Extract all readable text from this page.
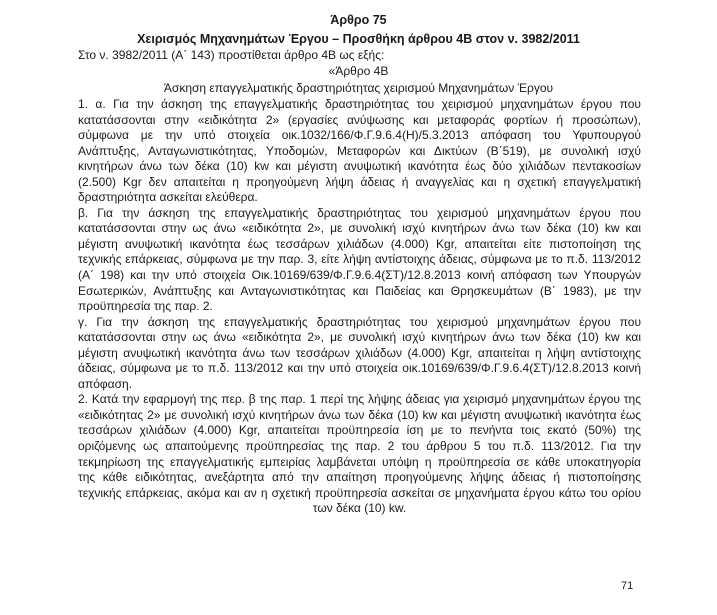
Άρθρο 75
Χειρισμός Μηχανημάτων Έργου – Προσθήκη άρθρου 4Β στον ν. 3982/2011
Στο ν. 3982/2011 (Α΄ 143) προστίθεται άρθρο 4Β ως εξής:
«Άρθρο 4Β
Άσκηση επαγγελματικής δραστηριότητας χειρισμού Μηχανημάτων Έργου
1. α. Για την άσκηση της επαγγελματικής δραστηριότητας του χειρισμού μηχανημάτων έργου που
κατατάσσονται στην «ειδικότητα 2» (εργασίες ανύψωσης και μεταφοράς φορτίων ή προσώπων),
σύμφωνα με την υπό στοιχεία οικ.1032/166/Φ.Γ.9.6.4(Η)/5.3.2013 απόφαση του Υφυπουργού
Ανάπτυξης, Ανταγωνιστικότητας, Υποδομών, Μεταφορών και Δικτύων (Β΄519), με συνολική ισχύ
κινητήρων άνω των δέκα (10) kw και μέγιστη ανυψωτική ικανότητα έως δύο χιλιάδων πεντακοσίων
(2.500) Kgr δεν απαιτείται η προηγούμενη λήψη άδειας ή αναγγελίας και η σχετική επαγγελματική
δραστηριότητα ασκείται ελεύθερα.
β. Για την άσκηση της επαγγελματικής δραστηριότητας του χειρισμού μηχανημάτων έργου που
κατατάσσονται στην ως άνω «ειδικότητα 2», με συνολική ισχύ κινητήρων άνω των δέκα (10) kw και
μέγιστη ανυψωτική ικανότητα έως τεσσάρων χιλιάδων (4.000) Kgr, απαιτείται είτε πιστοποίηση της
τεχνικής επάρκειας, σύμφωνα με την παρ. 3, είτε λήψη αντίστοιχης άδειας, σύμφωνα με το π.δ. 113/2012
(Α΄ 198) και την υπό στοιχεία Οικ.10169/639/Φ.Γ.9.6.4(ΣΤ)/12.8.2013 κοινή απόφαση των Υπουργών
Εσωτερικών, Ανάπτυξης και Ανταγωνιστικότητας και Παιδείας και Θρησκευμάτων (Β΄ 1983), με την
προϋπηρεσία της παρ. 2.
γ. Για την άσκηση της επαγγελματικής δραστηριότητας του χειρισμού μηχανημάτων έργου που
κατατάσσονται στην ως άνω «ειδικότητα 2», με συνολική ισχύ κινητήρων άνω των δέκα (10) kw και
μέγιστη ανυψωτική ικανότητα άνω των τεσσάρων χιλιάδων (4.000) Kgr, απαιτείται η λήψη αντίστοιχης
άδειας, σύμφωνα με το π.δ. 113/2012 και την υπό στοιχεία οικ.10169/639/Φ.Γ.9.6.4(ΣΤ)/12.8.2013 κοινή
απόφαση.
2. Κατά την εφαρμογή της περ. β της παρ. 1 περί της λήψης άδειας για χειρισμό μηχανημάτων έργου της
«ειδικότητας 2» με συνολική ισχύ κινητήρων άνω των δέκα (10) kw και μέγιστη ανυψωτική ικανότητα έως
τεσσάρων χιλιάδων (4.000) Kgr, απαιτείται προϋπηρεσία ίση με το πενήντα τοις εκατό (50%) της
οριζόμενης ως απαιτούμενης προϋπηρεσίας της παρ. 2 του άρθρου 5 του π.δ. 113/2012. Για την
τεκμηρίωση της επαγγελματικής εμπειρίας λαμβάνεται υπόψη η προϋπηρεσία σε κάθε υποκατηγορία
της κάθε ειδικότητας, ανεξάρτητα από την απαίτηση προηγούμενης λήψης άδειας ή πιστοποίησης
τεχνικής επάρκειας, ακόμα και αν η σχετική προϋπηρεσία ασκείται σε μηχανήματα έργου κάτω του ορίου
των δέκα (10) kw.
71
